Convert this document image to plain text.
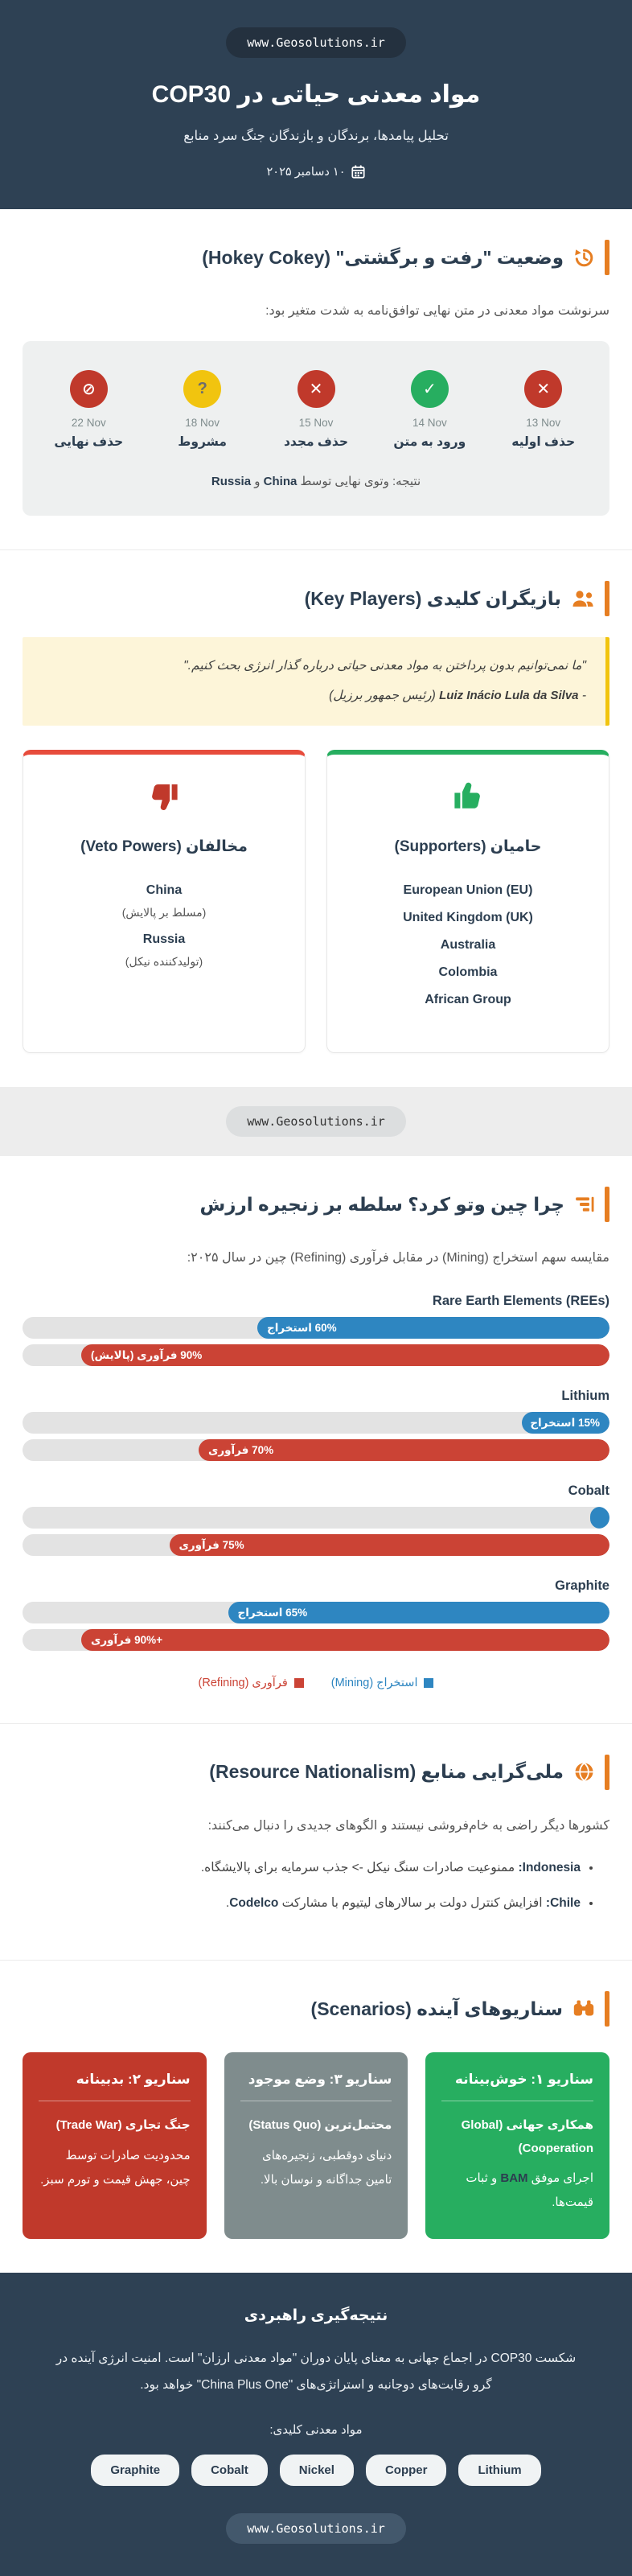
www.Geosolutions.ir
مواد معدنی حیاتی در COP30

تحلیل پیامدها، برندگان و بازندگان جنگ سرد منابع

۱۰ دسامبر ۲۰۲۵
وضعیت "رفت و برگشتی" (Hokey Cokey)

سرنوشت مواد معدنی در متن نهایی توافق‌نامه به شدت متغیر بود:

✕
13 Nov
حذف اولیه
✓
14 Nov
ورود به متن
✕
15 Nov
حذف مجدد
?
18 Nov
مشروط
⊘
22 Nov
حذف نهایی
نتیجه: وتوی نهایی توسط China و Russia
بازیگران کلیدی (Key Players)
"ما نمی‌توانیم بدون پرداختن به مواد معدنی حیاتی درباره گذار انرژی بحث کنیم."
- Luiz Inácio Lula da Silva (رئیس جمهور برزیل)
حامیان (Supporters)
European Union (EU)
United Kingdom (UK)
Australia
Colombia
African Group
مخالفان (Veto Powers)
China
(مسلط بر پالایش)
Russia
(تولیدکننده نیکل)
www.Geosolutions.ir
چرا چین وتو کرد؟ سلطه بر زنجیره ارزش

مقایسه سهم استخراج (Mining) در مقابل فرآوری (Refining) چین در سال ۲۰۲۵:

Rare Earth Elements (REEs)
60% استخراج
90% فرآوری (پالایش)
Lithium
15% استخراج
70% فرآوری
Cobalt
75% فرآوری
Graphite
65% استخراج
+90% فرآوری
استخراج (Mining)
فرآوری (Refining)
ملی‌گرایی منابع (Resource Nationalism)

کشورها دیگر راضی به خام‌فروشی نیستند و الگوهای جدیدی را دنبال می‌کنند:

• Indonesia: ممنوعیت صادرات سنگ نیکل -> جذب سرمایه برای پالایشگاه.
• Chile: افزایش کنترل دولت بر سالارهای لیتیوم با مشارکت Codelco.
سناریوهای آینده (Scenarios)
سناریو ۱: خوش‌بینانه
همکاری جهانی (Global Cooperation)
اجرای موفق BAM و ثبات قیمت‌ها.
سناریو ۳: وضع موجود
محتمل‌ترین (Status Quo)
دنیای دوقطبی، زنجیره‌های تامین جداگانه و نوسان بالا.
سناریو ۲: بدبینانه
جنگ تجاری (Trade War)
محدودیت صادرات توسط چین، جهش قیمت و تورم سبز.
نتیجه‌گیری راهبردی

شکست COP30 در اجماع جهانی به معنای پایان دوران "مواد معدنی ارزان" است. امنیت انرژی آینده در گرو رقابت‌های دوجانبه و استراتژی‌های "China Plus One" خواهد بود.

مواد معدنی کلیدی:
Graphite	Cobalt	Nickel	Copper	Lithium
www.Geosolutions.ir
